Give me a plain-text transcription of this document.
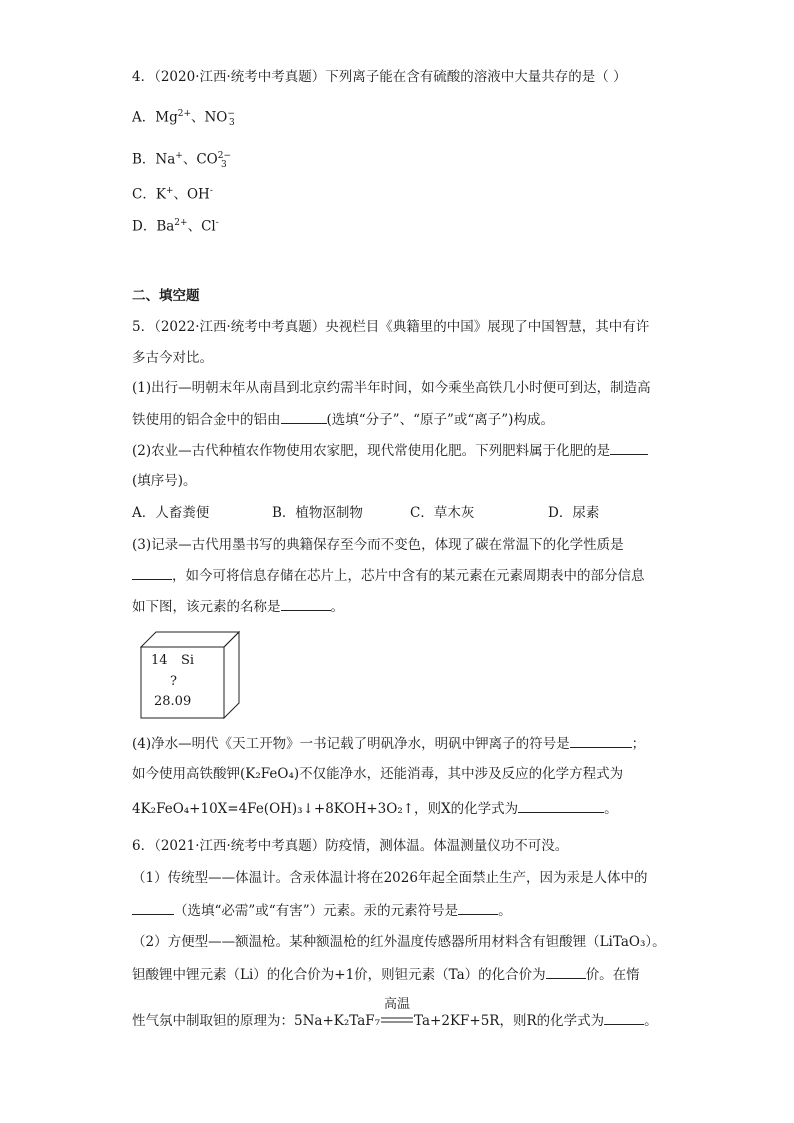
4．（2020·江西·统考中考真题）下列离子能在含有硫酸的溶液中大量共存的是（ ）
A．$Mg^{2+}$、$NO^-_3$
B．Na+、$CO^{2-}_3$
C．K+、OH-
D．$Ba^{2+}$、Cl-
二、填空题
5．（2022·江西·统考中考真题）央视栏目《典籍里的中国》展现了中国智慧，其中有许
多古今对比。
(1)出行—明朝末年从南昌到北京约需半年时间，如今乘坐高铁几小时便可到达，制造高
铁使用的铝合金中的铝由	(选填“分子”、“原子”或“离子”)构成。
(2)农业—古代种植农作物使用农家肥，现代常使用化肥。下列肥料属于化肥的是
(填序号)。
A．人畜粪便	B．植物沤制物	C．草木灰	D．尿素
(3)记录—古代用墨书写的典籍保存至今而不变色，体现了碳在常温下的化学性质是
，如今可将信息存储在芯片上，芯片中含有的某元素在元素周期表中的部分信息
如下图，该元素的名称是	。
14 Si
?
28.09
(4)净水—明代《天工开物》一书记载了明矾净水，明矾中钾离子的符号是	；
如今使用高铁酸钾(K₂FeO₄)不仅能净水，还能消毒，其中涉及反应的化学方程式为
4K₂FeO₄+10X=4Fe(OH)₃↓+8KOH+3O₂↑，则X的化学式为	。
6．（2021·江西·统考中考真题）防疫情，测体温。体温测量仪功不可没。
（1）传统型——体温计。含汞体温计将在2026年起全面禁止生产，因为汞是人体中的
（选填“必需”或“有害”）元素。汞的元素符号是	。
（2）方便型——额温枪。某种额温枪的红外温度传感器所用材料含有钽酸锂（LiTaO₃）。
钽酸锂中锂元素（Li）的化合价为+1价，则钽元素（Ta）的化合价为	价。在惰
性气氛中制取钽的原理为：5Na+K₂TaF₇
高温
Ta+2KF+5R，则R的化学式为	。
